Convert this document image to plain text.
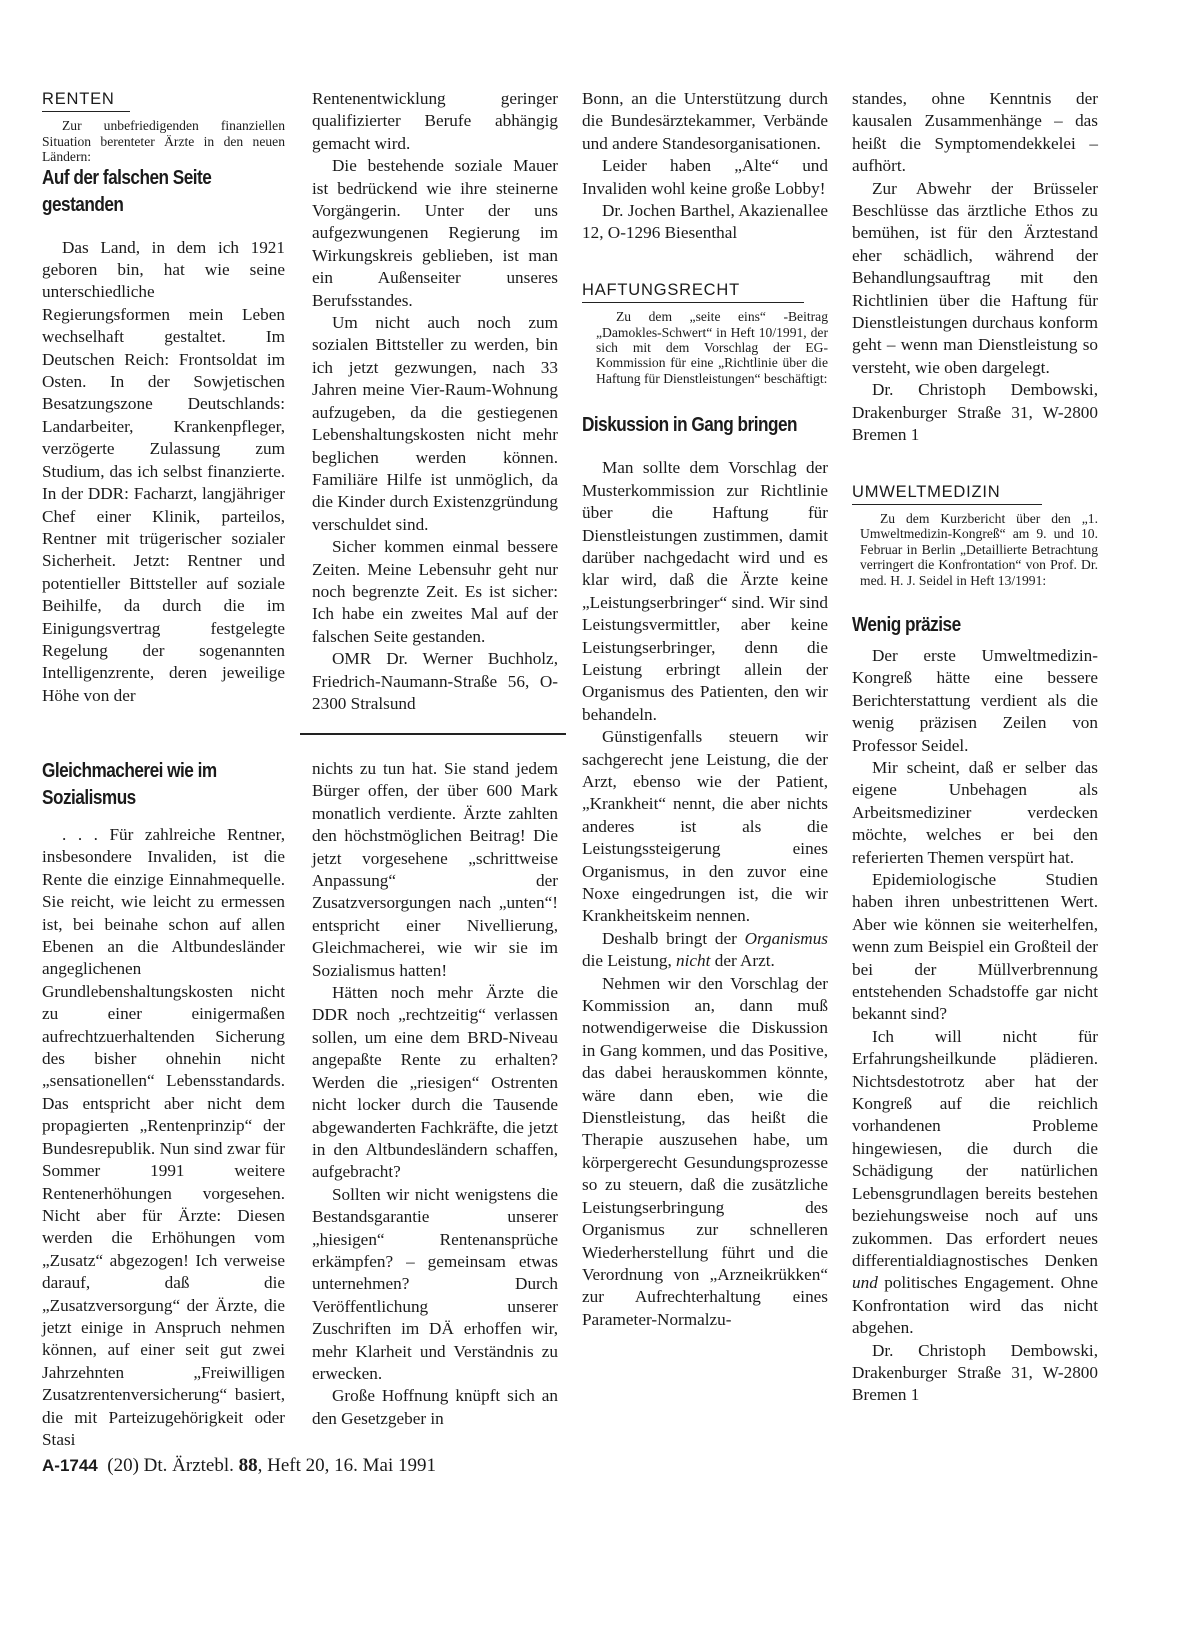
RENTEN

Zur unbefriedigenden finanziellen Situation berenteter Ärzte in den neuen Ländern:

Auf der falschen Seite gestanden

Das Land, in dem ich 1921 geboren bin, hat wie seine unterschiedliche Regierungsformen mein Leben wechselhaft gestaltet. Im Deutschen Reich: Frontsoldat im Osten. In der Sowjetischen Besatzungszone Deutschlands: Landarbeiter, Krankenpfleger, verzögerte Zulassung zum Studium, das ich selbst finanzierte. In der DDR: Facharzt, langjähriger Chef einer Klinik, parteilos, Rentner mit trügerischer sozialer Sicherheit. Jetzt: Rentner und potentieller Bittsteller auf soziale Beihilfe, da durch die im Einigungsvertrag festgelegte Regelung der sogenannten Intelligenzrente, deren jeweilige Höhe von der

Rentenentwicklung geringer qualifizierter Berufe abhängig gemacht wird.

Die bestehende soziale Mauer ist bedrückend wie ihre steinerne Vorgängerin. Unter der uns aufgezwungenen Regierung im Wirkungskreis geblieben, ist man ein Außenseiter unseres Berufsstandes.

Um nicht auch noch zum sozialen Bittsteller zu werden, bin ich jetzt gezwungen, nach 33 Jahren meine Vier-Raum-Wohnung aufzugeben, da die gestiegenen Lebenshaltungskosten nicht mehr beglichen werden können. Familiäre Hilfe ist unmöglich, da die Kinder durch Existenzgründung verschuldet sind.

Sicher kommen einmal bessere Zeiten. Meine Lebensuhr geht nur noch begrenzte Zeit. Es ist sicher: Ich habe ein zweites Mal auf der falschen Seite gestanden.

OMR Dr. Werner Buchholz, Friedrich-Naumann-Straße 56, O-2300 Stralsund

Gleichmacherei wie im Sozialismus

. . . Für zahlreiche Rentner, insbesondere Invaliden, ist die Rente die einzige Einnahmequelle. Sie reicht, wie leicht zu ermessen ist, bei beinahe schon auf allen Ebenen an die Altbundesländer angeglichenen Grundlebenshaltungskosten nicht zu einer einigermaßen aufrechtzuerhaltenden Sicherung des bisher ohnehin nicht „sensationellen“ Lebensstandards. Das entspricht aber nicht dem propagierten „Rentenprinzip“ der Bundesrepublik. Nun sind zwar für Sommer 1991 weitere Rentenerhöhungen vorgesehen. Nicht aber für Ärzte: Diesen werden die Erhöhungen vom „Zusatz“ abgezogen! Ich verweise darauf, daß die „Zusatzversorgung“ der Ärzte, die jetzt einige in Anspruch nehmen können, auf einer seit gut zwei Jahrzehnten „Freiwilligen Zusatzrentenversicherung“ basiert, die mit Parteizugehörigkeit oder Stasi

nichts zu tun hat. Sie stand jedem Bürger offen, der über 600 Mark monatlich verdiente. Ärzte zahlten den höchstmöglichen Beitrag! Die jetzt vorgesehene „schrittweise Anpassung“ der Zusatzversorgungen nach „unten“! entspricht einer Nivellierung, Gleichmacherei, wie wir sie im Sozialismus hatten!

Hätten noch mehr Ärzte die DDR noch „rechtzeitig“ verlassen sollen, um eine dem BRD-Niveau angepaßte Rente zu erhalten? Werden die „riesigen“ Ostrenten nicht locker durch die Tausende abgewanderten Fachkräfte, die jetzt in den Altbundesländern schaffen, aufgebracht?

Sollten wir nicht wenigstens die Bestandsgarantie unserer „hiesigen“ Rentenansprüche erkämpfen? – gemeinsam etwas unternehmen? Durch Veröffentlichung unserer Zuschriften im DÄ erhoffen wir, mehr Klarheit und Verständnis zu erwecken.

Große Hoffnung knüpft sich an den Gesetzgeber in

Bonn, an die Unterstützung durch die Bundesärztekammer, Verbände und andere Standesorganisationen.

Leider haben „Alte“ und Invaliden wohl keine große Lobby!

Dr. Jochen Barthel, Akazienallee 12, O-1296 Biesenthal

HAFTUNGSRECHT

Zu dem „seite eins“ -Beitrag „Damokles-Schwert“ in Heft 10/1991, der sich mit dem Vorschlag der EG-Kommission für eine „Richtlinie über die Haftung für Dienstleistungen“ beschäftigt:

Diskussion in Gang bringen

Man sollte dem Vorschlag der Musterkommission zur Richtlinie über die Haftung für Dienstleistungen zustimmen, damit darüber nachgedacht wird und es klar wird, daß die Ärzte keine „Leistungserbringer“ sind. Wir sind Leistungsvermittler, aber keine Leistungserbringer, denn die Leistung erbringt allein der Organismus des Patienten, den wir behandeln.

Günstigenfalls steuern wir sachgerecht jene Leistung, die der Arzt, ebenso wie der Patient, „Krankheit“ nennt, die aber nichts anderes ist als die Leistungssteigerung eines Organismus, in den zuvor eine Noxe eingedrungen ist, die wir Krankheitskeim nennen.

Deshalb bringt der Organismus die Leistung, nicht der Arzt.

Nehmen wir den Vorschlag der Kommission an, dann muß notwendigerweise die Diskussion in Gang kommen, und das Positive, das dabei herauskommen könnte, wäre dann eben, wie die Dienstleistung, das heißt die Therapie auszusehen habe, um körpergerecht Gesundungsprozesse so zu steuern, daß die zusätzliche Leistungserbringung des Organismus zur schnelleren Wiederherstellung führt und die Verordnung von „Arzneikrükken“ zur Aufrechterhaltung eines Parameter-Normalzu-

standes, ohne Kenntnis der kausalen Zusammenhänge – das heißt die Symptomendekkelei – aufhört.

Zur Abwehr der Brüsseler Beschlüsse das ärztliche Ethos zu bemühen, ist für den Ärztestand eher schädlich, während der Behandlungsauftrag mit den Richtlinien über die Haftung für Dienstleistungen durchaus konform geht – wenn man Dienstleistung so versteht, wie oben dargelegt.

Dr. Christoph Dembowski, Drakenburger Straße 31, W-2800 Bremen 1

UMWELTMEDIZIN

Zu dem Kurzbericht über den „1. Umweltmedizin-Kongreß“ am 9. und 10. Februar in Berlin „Detaillierte Betrachtung verringert die Konfrontation“ von Prof. Dr. med. H. J. Seidel in Heft 13/1991:

Wenig präzise

Der erste Umweltmedizin-Kongreß hätte eine bessere Berichterstattung verdient als die wenig präzisen Zeilen von Professor Seidel.

Mir scheint, daß er selber das eigene Unbehagen als Arbeitsmediziner verdecken möchte, welches er bei den referierten Themen verspürt hat.

Epidemiologische Studien haben ihren unbestrittenen Wert. Aber wie können sie weiterhelfen, wenn zum Beispiel ein Großteil der bei der Müllverbrennung entstehenden Schadstoffe gar nicht bekannt sind?

Ich will nicht für Erfahrungsheilkunde plädieren. Nichtsdestotrotz aber hat der Kongreß auf die reichlich vorhandenen Probleme hingewiesen, die durch die Schädigung der natürlichen Lebensgrundlagen bereits bestehen beziehungsweise noch auf uns zukommen. Das erfordert neues differentialdiagnostisches Denken und politisches Engagement. Ohne Konfrontation wird das nicht abgehen.

Dr. Christoph Dembowski, Drakenburger Straße 31, W-2800 Bremen 1

A-1744  (20) Dt. Ärztebl. 88, Heft 20, 16. Mai 1991
